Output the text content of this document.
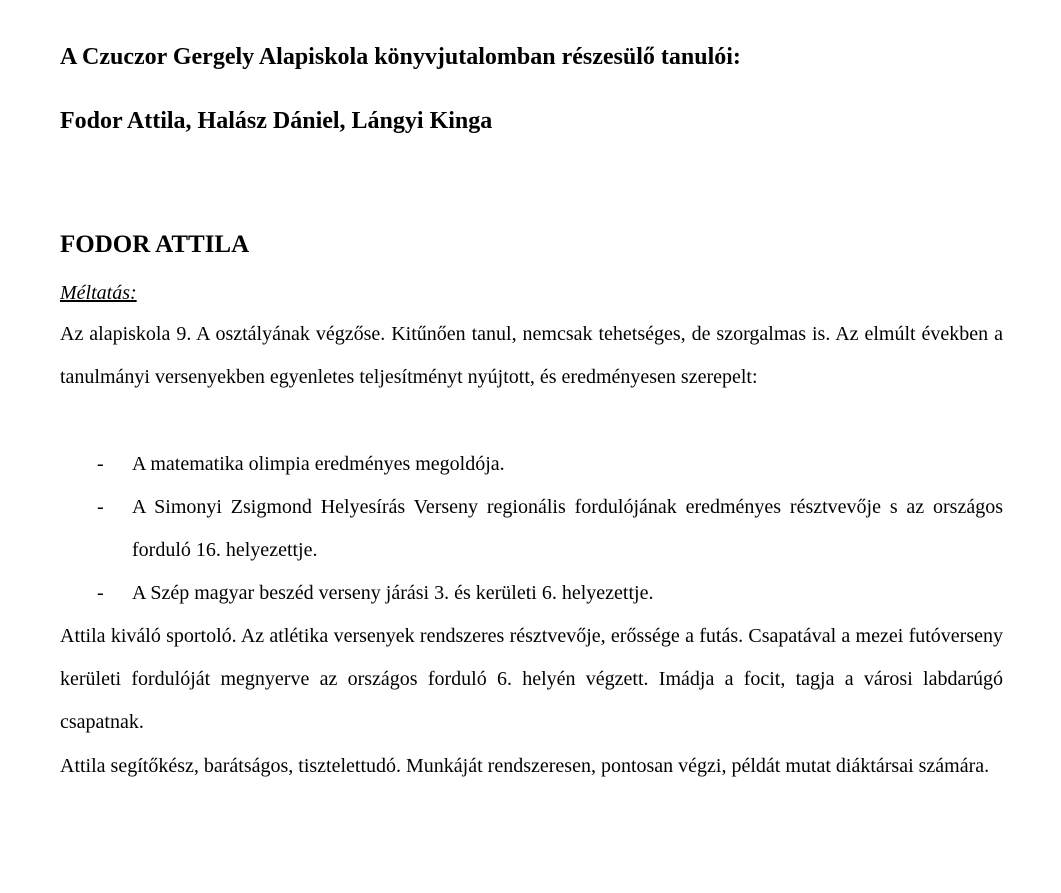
A Czuczor Gergely Alapiskola könyvjutalomban részesülő tanulói:
Fodor Attila, Halász Dániel, Lángyi Kinga
FODOR ATTILA
Méltatás:
Az alapiskola 9. A osztályának végzőse. Kitűnően tanul, nemcsak tehetséges, de szorgalmas is. Az elmúlt években a tanulmányi versenyekben egyenletes teljesítményt nyújtott, és eredményesen szerepelt:
- A matematika olimpia eredményes megoldója.
- A Simonyi Zsigmond Helyesírás Verseny regionális fordulójának eredményes résztvevője s az országos forduló 16. helyezettje.
- A Szép magyar beszéd verseny járási 3. és kerületi 6. helyezettje.
Attila kiváló sportoló. Az atlétika versenyek rendszeres résztvevője, erőssége a futás. Csapatával a mezei futóverseny kerületi fordulóját megnyerve az országos forduló 6. helyén végzett. Imádja a focit, tagja a városi labdarúgó csapatnak.
Attila segítőkész, barátságos, tisztelettudó. Munkáját rendszeresen, pontosan végzi, példát mutat diáktársai számára.
